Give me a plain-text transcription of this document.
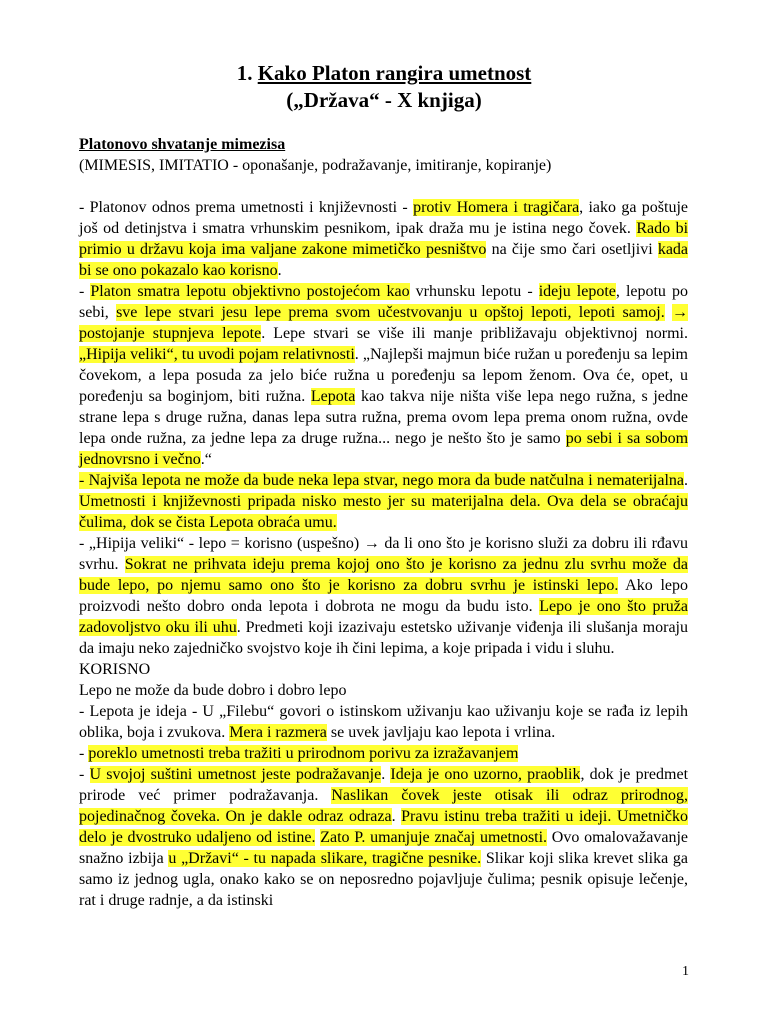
1. Kako Platon rangira umetnost
(„Država“ - X knjiga)

Platonovo shvatanje mimezisa

(MIMESIS, IMITATIO - oponašanje, podražavanje, imitiranje, kopiranje)

- Platonov odnos prema umetnosti i književnosti - protiv Homera i tragičara, iako ga poštuje još od detinjstva i smatra vrhunskim pesnikom, ipak draža mu je istina nego čovek. Rado bi primio u državu koja ima valjane zakone mimetičko pesništvo na čije smo čari osetljivi kada bi se ono pokazalo kao korisno.

- Platon smatra lepotu objektivno postojećom kao vrhunsku lepotu - ideju lepote, lepotu po sebi, sve lepe stvari jesu lepe prema svom učestvovanju u opštoj lepoti, lepoti samoj. → postojanje stupnjeva lepote. Lepe stvari se više ili manje približavaju objektivnoj normi. „Hipija veliki“, tu uvodi pojam relativnosti. „Najlepši majmun biće ružan u poređenju sa lepim čovekom, a lepa posuda za jelo biće ružna u poređenju sa lepom ženom. Ova će, opet, u poređenju sa boginjom, biti ružna. Lepota kao takva nije ništa više lepa nego ružna, s jedne strane lepa s druge ružna, danas lepa sutra ružna, prema ovom lepa prema onom ružna, ovde lepa onde ružna, za jedne lepa za druge ružna... nego je nešto što je samo po sebi i sa sobom jednovrsno i večno.“

- Najviša lepota ne može da bude neka lepa stvar, nego mora da bude natčulna i nematerijalna. Umetnosti i književnosti pripada nisko mesto jer su materijalna dela. Ova dela se obraćaju čulima, dok se čista Lepota obraća umu.

- „Hipija veliki“ - lepo = korisno (uspešno) → da li ono što je korisno služi za dobru ili rđavu svrhu. Sokrat ne prihvata ideju prema kojoj ono što je korisno za jednu zlu svrhu može da bude lepo, po njemu samo ono što je korisno za dobru svrhu je istinski lepo. Ako lepo proizvodi nešto dobro onda lepota i dobrota ne mogu da budu isto. Lepo je ono što pruža zadovoljstvo oku ili uhu. Predmeti koji izazivaju estetsko uživanje viđenja ili slušanja moraju da imaju neko zajedničko svojstvo koje ih čini lepima, a koje pripada i vidu i sluhu.

KORISNO

Lepo ne može da bude dobro i dobro lepo

- Lepota je ideja - U „Filebu“ govori o istinskom uživanju kao uživanju koje se rađa iz lepih oblika, boja i zvukova. Mera i razmera se uvek javljaju kao lepota i vrlina.

- poreklo umetnosti treba tražiti u prirodnom porivu za izražavanjem

- U svojoj suštini umetnost jeste podražavanje. Ideja je ono uzorno, praoblik, dok je predmet prirode već primer podražavanja. Naslikan čovek jeste otisak ili odraz prirodnog, pojedinačnog čoveka. On je dakle odraz odraza. Pravu istinu treba tražiti u ideji. Umetničko delo je dvostruko udaljeno od istine. Zato P. umanjuje značaj umetnosti. Ovo omalovažavanje snažno izbija u „Državi“ - tu napada slikare, tragične pesnike. Slikar koji slika krevet slika ga samo iz jednog ugla, onako kako se on neposredno pojavljuje čulima; pesnik opisuje lečenje, rat i druge radnje, a da istinski

1
